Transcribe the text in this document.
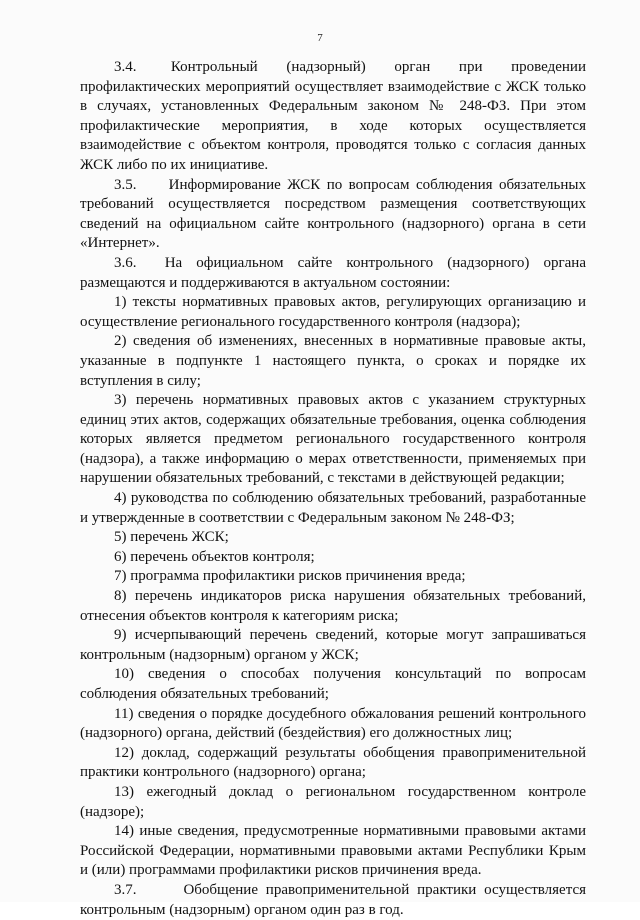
7

3.4.      Контрольный     (надзорный)     орган     при     проведении профилактических мероприятий осуществляет взаимодействие с ЖСК только в случаях, установленных Федеральным законом № 248-ФЗ. При этом профилактические мероприятия, в ходе которых осуществляется взаимодействие с объектом контроля, проводятся только с согласия данных ЖСК либо по их инициативе.

3.5.     Информирование ЖСК по вопросам соблюдения обязательных требований осуществляется посредством размещения соответствующих сведений на официальном сайте контрольного (надзорного) органа в сети «Интернет».

3.6.  На официальном сайте контрольного (надзорного) органа размещаются и поддерживаются в актуальном состоянии:

1) тексты нормативных правовых актов, регулирующих организацию и осуществление регионального государственного контроля (надзора);

2) сведения об изменениях, внесенных в нормативные правовые акты, указанные в подпункте 1 настоящего пункта, о сроках и порядке их вступления в силу;

3) перечень нормативных правовых актов с указанием структурных единиц этих актов, содержащих обязательные требования, оценка соблюдения которых является предметом регионального государственного контроля (надзора), а также информацию о мерах ответственности, применяемых при нарушении обязательных требований, с текстами в действующей редакции;

4) руководства по соблюдению обязательных требований, разработанные и утвержденные в соответствии с Федеральным законом № 248-ФЗ;

5) перечень ЖСК;

6) перечень объектов контроля;

7) программа профилактики рисков причинения вреда;

8) перечень индикаторов риска нарушения обязательных требований, отнесения объектов контроля к категориям риска;

9) исчерпывающий перечень сведений, которые могут запрашиваться контрольным (надзорным) органом у ЖСК;

10) сведения о способах получения консультаций по вопросам соблюдения обязательных требований;

11) сведения о порядке досудебного обжалования решений контрольного (надзорного) органа, действий (бездействия) его должностных лиц;

12) доклад, содержащий результаты обобщения правоприменительной практики контрольного (надзорного) органа;

13) ежегодный доклад о региональном государственном контроле (надзоре);

14) иные сведения, предусмотренные нормативными правовыми актами Российской Федерации, нормативными правовыми актами Республики Крым и (или) программами профилактики рисков причинения вреда.

3.7.      Обобщение правоприменительной практики осуществляется контрольным (надзорным) органом один раз в год.
